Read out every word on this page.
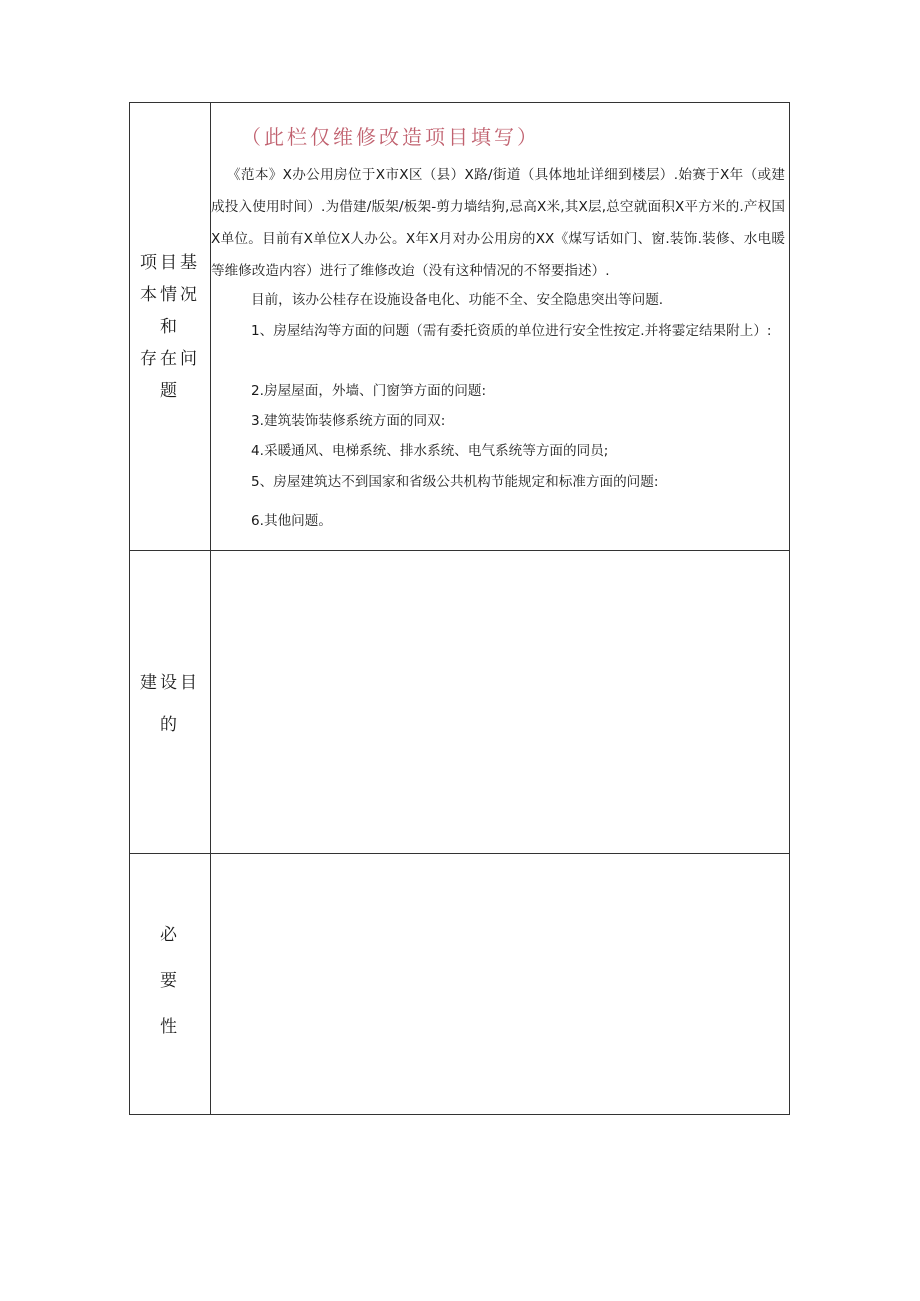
项目基
本情况
和
存在问
题
（此栏仅维修改造项目填写）
《范本》X办公用房位于X市X区（县）X路/街道（具体地址详细到楼层）.始赛于X年（或建成投入使用时间）.为借建/版架/板架-剪力墙结狗,忌高X米,其X层,总空就面积X平方米的.产权国X单位。目前有X单位X人办公。X年X月对办公用房的XX《煤写话如门、窗.装饰.装修、水电暖等维修改造内容）进行了维修改迨（没有这种情况的不帑要指述）.
目前，该办公桂存在设施设备电化、功能不全、安全隐患突出等问题.
1、房屋结沟等方面的问题（需有委托资质的单位进行安全性按定.并将霎定结果附上）:
2.房屋屋面，外墙、门窗笋方面的问题:
3.建筑装饰装修系统方面的同双:
4.采暖通风、电梯系统、排水系统、电气系统等方面的同员;
5、房屋建筑达不到国家和省级公共机构节能规定和标准方面的问题:
6.其他问题。
建设目
的
必
要
性
